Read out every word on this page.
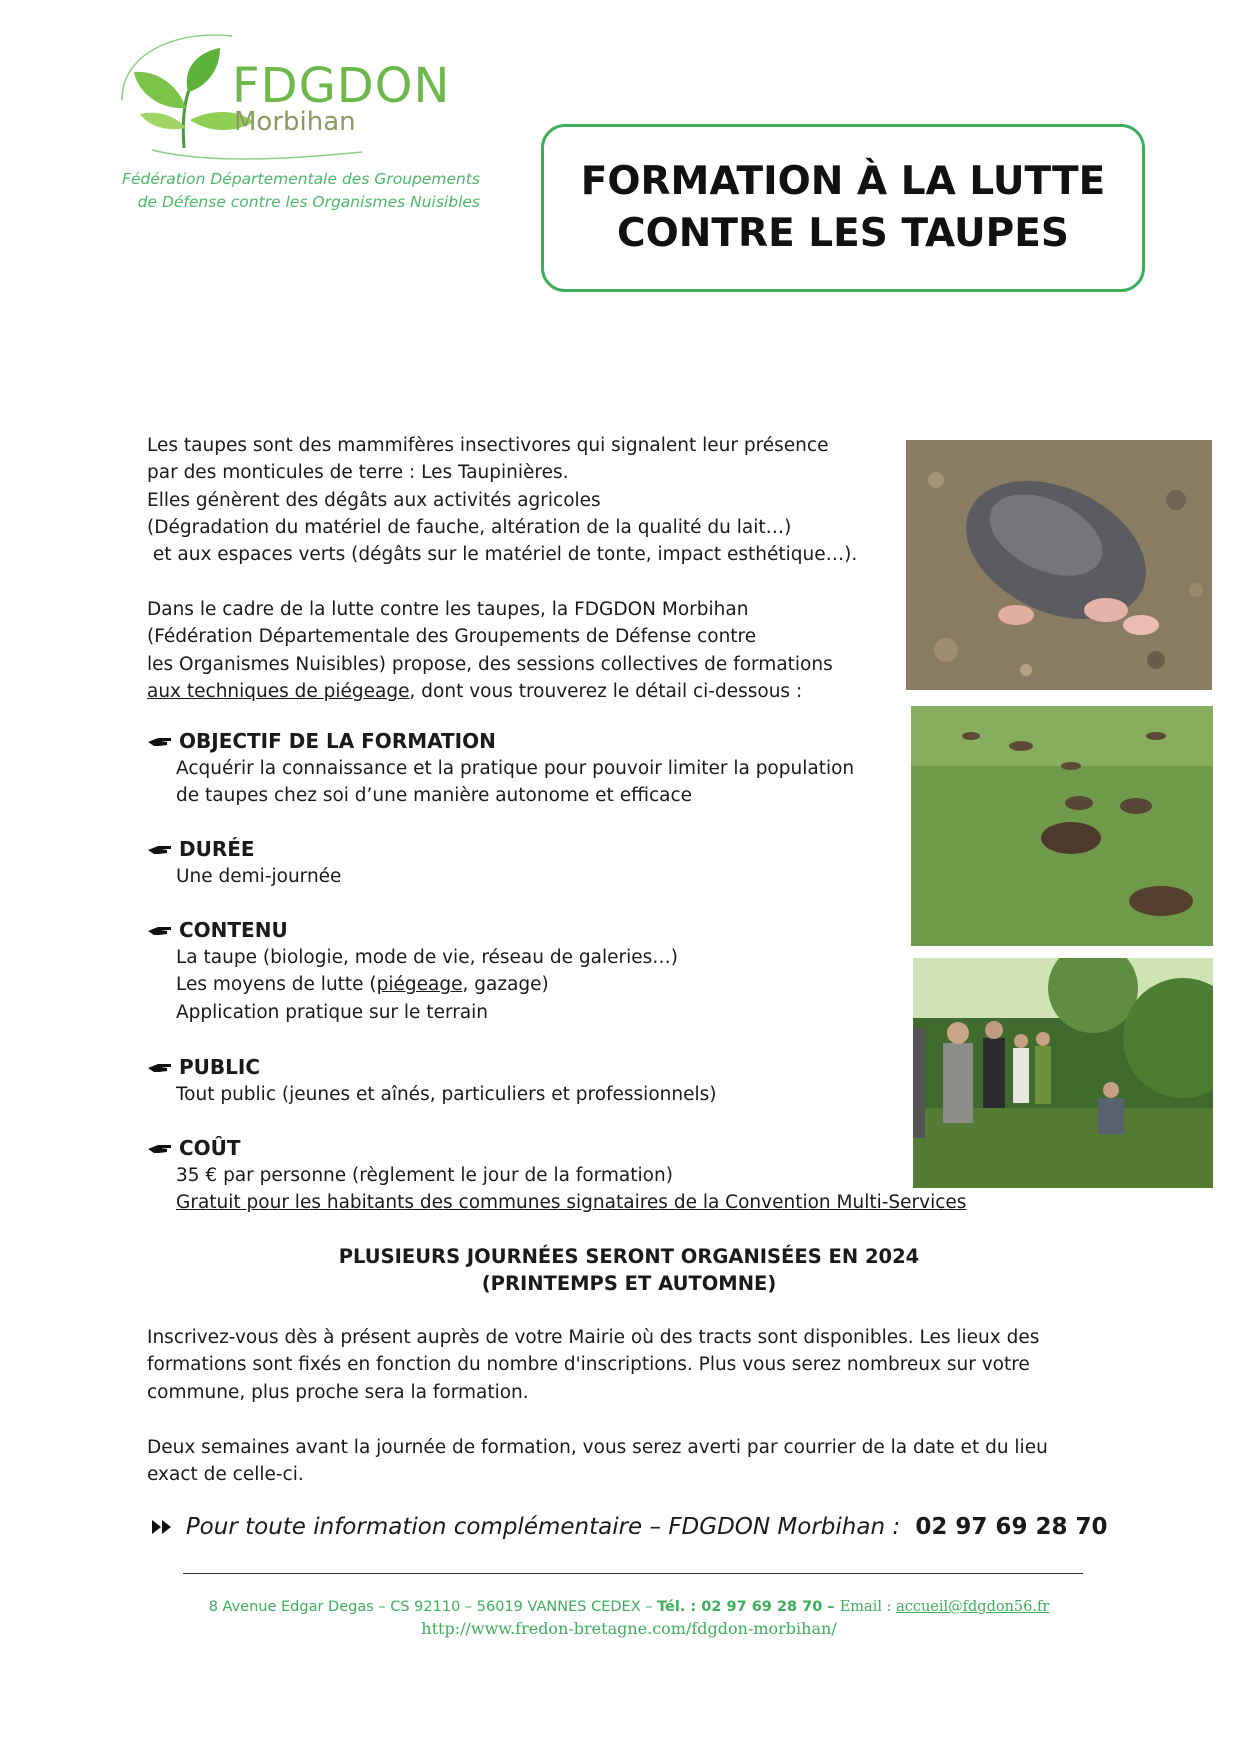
FDGDON
Morbihan
Fédération Départementale des Groupements
de Défense contre les Organismes Nuisibles	FORMATION À LA LUTTE
CONTRE LES TAUPES
Les taupes sont des mammifères insectivores qui signalent leur présence
par des monticules de terre : Les Taupinières.
Elles génèrent des dégâts aux activités agricoles
(Dégradation du matériel de fauche, altération de la qualité du lait…)
et aux espaces verts (dégâts sur le matériel de tonte, impact esthétique…).
Dans le cadre de la lutte contre les taupes, la FDGDON Morbihan
(Fédération Départementale des Groupements de Défense contre
les Organismes Nuisibles) propose, des sessions collectives de formations
aux techniques de piégeage, dont vous trouverez le détail ci-dessous :
OBJECTIF DE LA FORMATION
Acquérir la connaissance et la pratique pour pouvoir limiter la population
de taupes chez soi d’une manière autonome et efficace
DURÉE
Une demi-journée
CONTENU
La taupe (biologie, mode de vie, réseau de galeries…)
Les moyens de lutte (piégeage, gazage)
Application pratique sur le terrain
PUBLIC
Tout public (jeunes et aînés, particuliers et professionnels)
COÛT
35 € par personne (règlement le jour de la formation)
Gratuit pour les habitants des communes signataires de la Convention Multi-Services
PLUSIEURS JOURNÉES SERONT ORGANISÉES EN 2024
(PRINTEMPS ET AUTOMNE)
Inscrivez-vous dès à présent auprès de votre Mairie où des tracts sont disponibles. Les lieux des
formations sont fixés en fonction du nombre d'inscriptions. Plus vous serez nombreux sur votre
commune, plus proche sera la formation.
Deux semaines avant la journée de formation, vous serez averti par courrier de la date et du lieu
exact de celle-ci.
Pour toute information complémentaire – FDGDON Morbihan : 02 97 69 28 70
8 Avenue Edgar Degas – CS 92110 – 56019 VANNES CEDEX – Tél. : 02 97 69 28 70 – Email : accueil@fdgdon56.fr
http://www.fredon-bretagne.com/fdgdon-morbihan/
